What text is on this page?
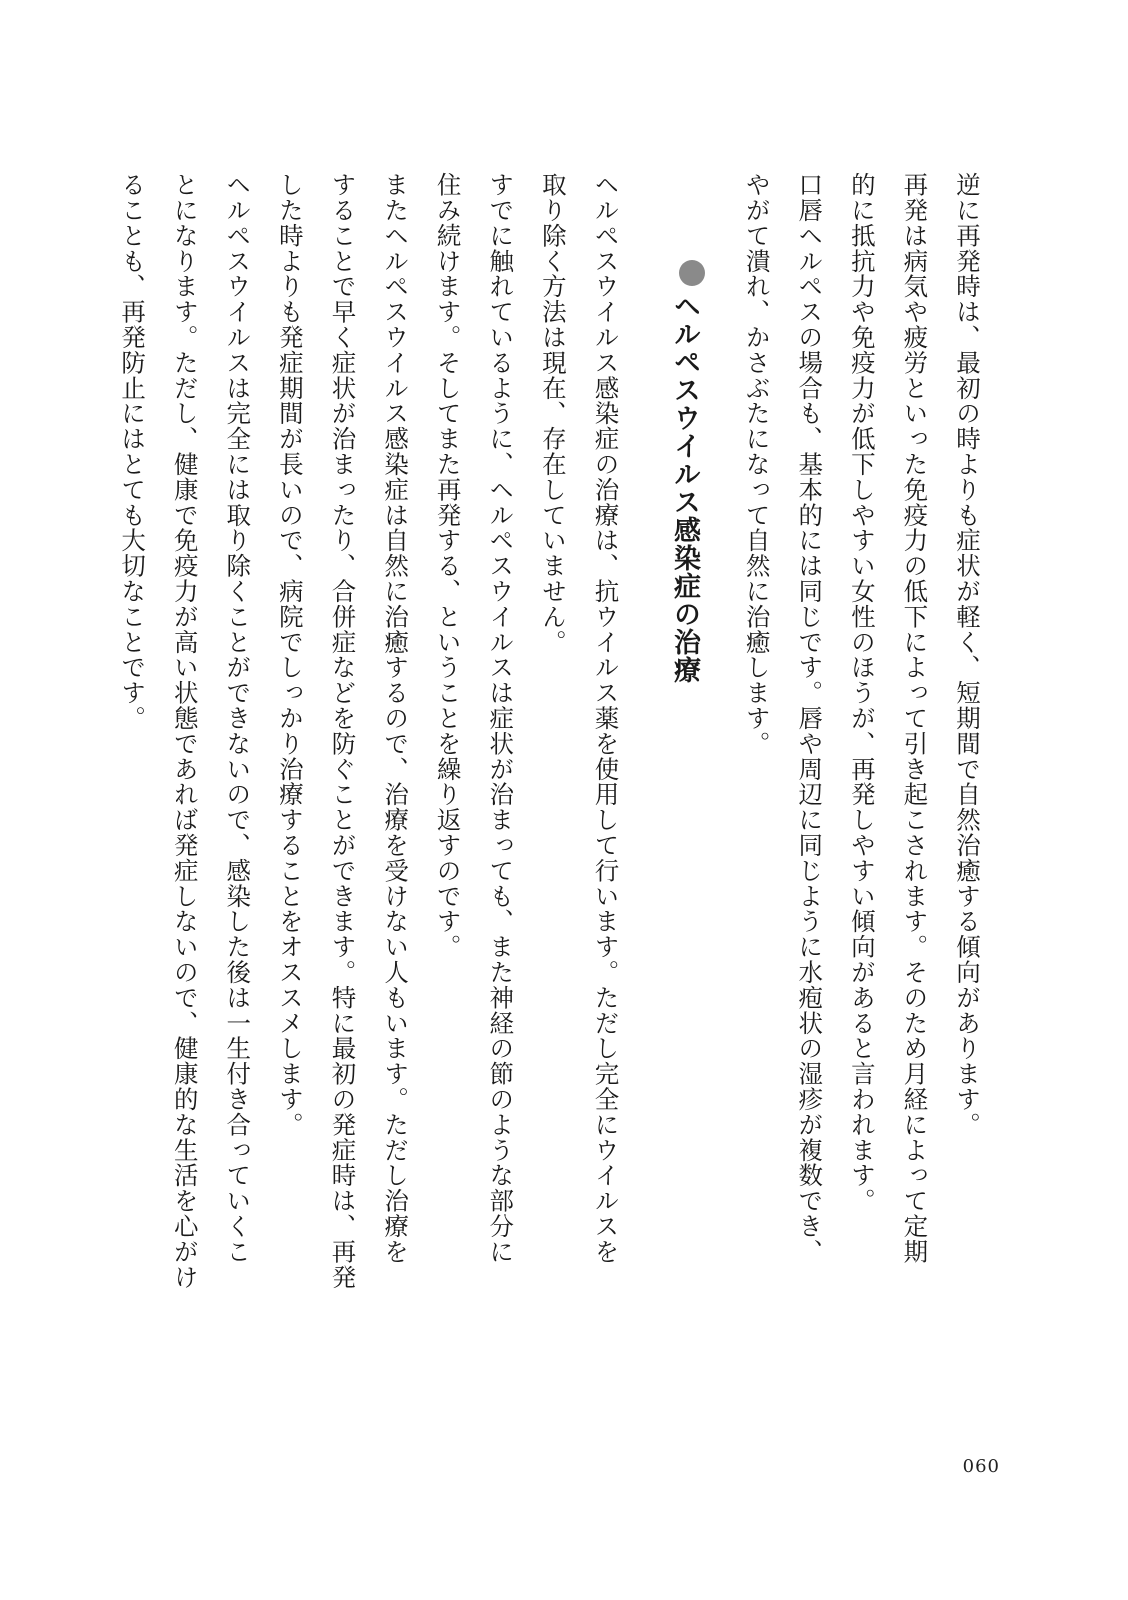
逆に再発時は、最初の時よりも症状が軽く、短期間で自然治癒する傾向があります。

再発は病気や疲労といった免疫力の低下によって引き起こされます。そのため月経によって定期

的に抵抗力や免疫力が低下しやすい女性のほうが、再発しやすい傾向があると言われます。

口唇ヘルペスの場合も、基本的には同じです。唇や周辺に同じように水疱状の湿疹が複数でき、

やがて潰れ、かさぶたになって自然に治癒します。

ヘルペスウイルス感染症の治療

ヘルペスウイルス感染症の治療は、抗ウイルス薬を使用して行います。ただし完全にウイルスを

取り除く方法は現在、存在していません。

すでに触れているように、ヘルペスウイルスは症状が治まっても、また神経の節のような部分に

住み続けます。そしてまた再発する、ということを繰り返すのです。

またヘルペスウイルス感染症は自然に治癒するので、治療を受けない人もいます。ただし治療を

することで早く症状が治まったり、合併症などを防ぐことができます。特に最初の発症時は、再発

した時よりも発症期間が長いので、病院でしっかり治療することをオススメします。

ヘルペスウイルスは完全には取り除くことができないので、感染した後は一生付き合っていくこ

とになります。ただし、健康で免疫力が高い状態であれば発症しないので、健康的な生活を心がけ

ることも、再発防止にはとても大切なことです。

060
